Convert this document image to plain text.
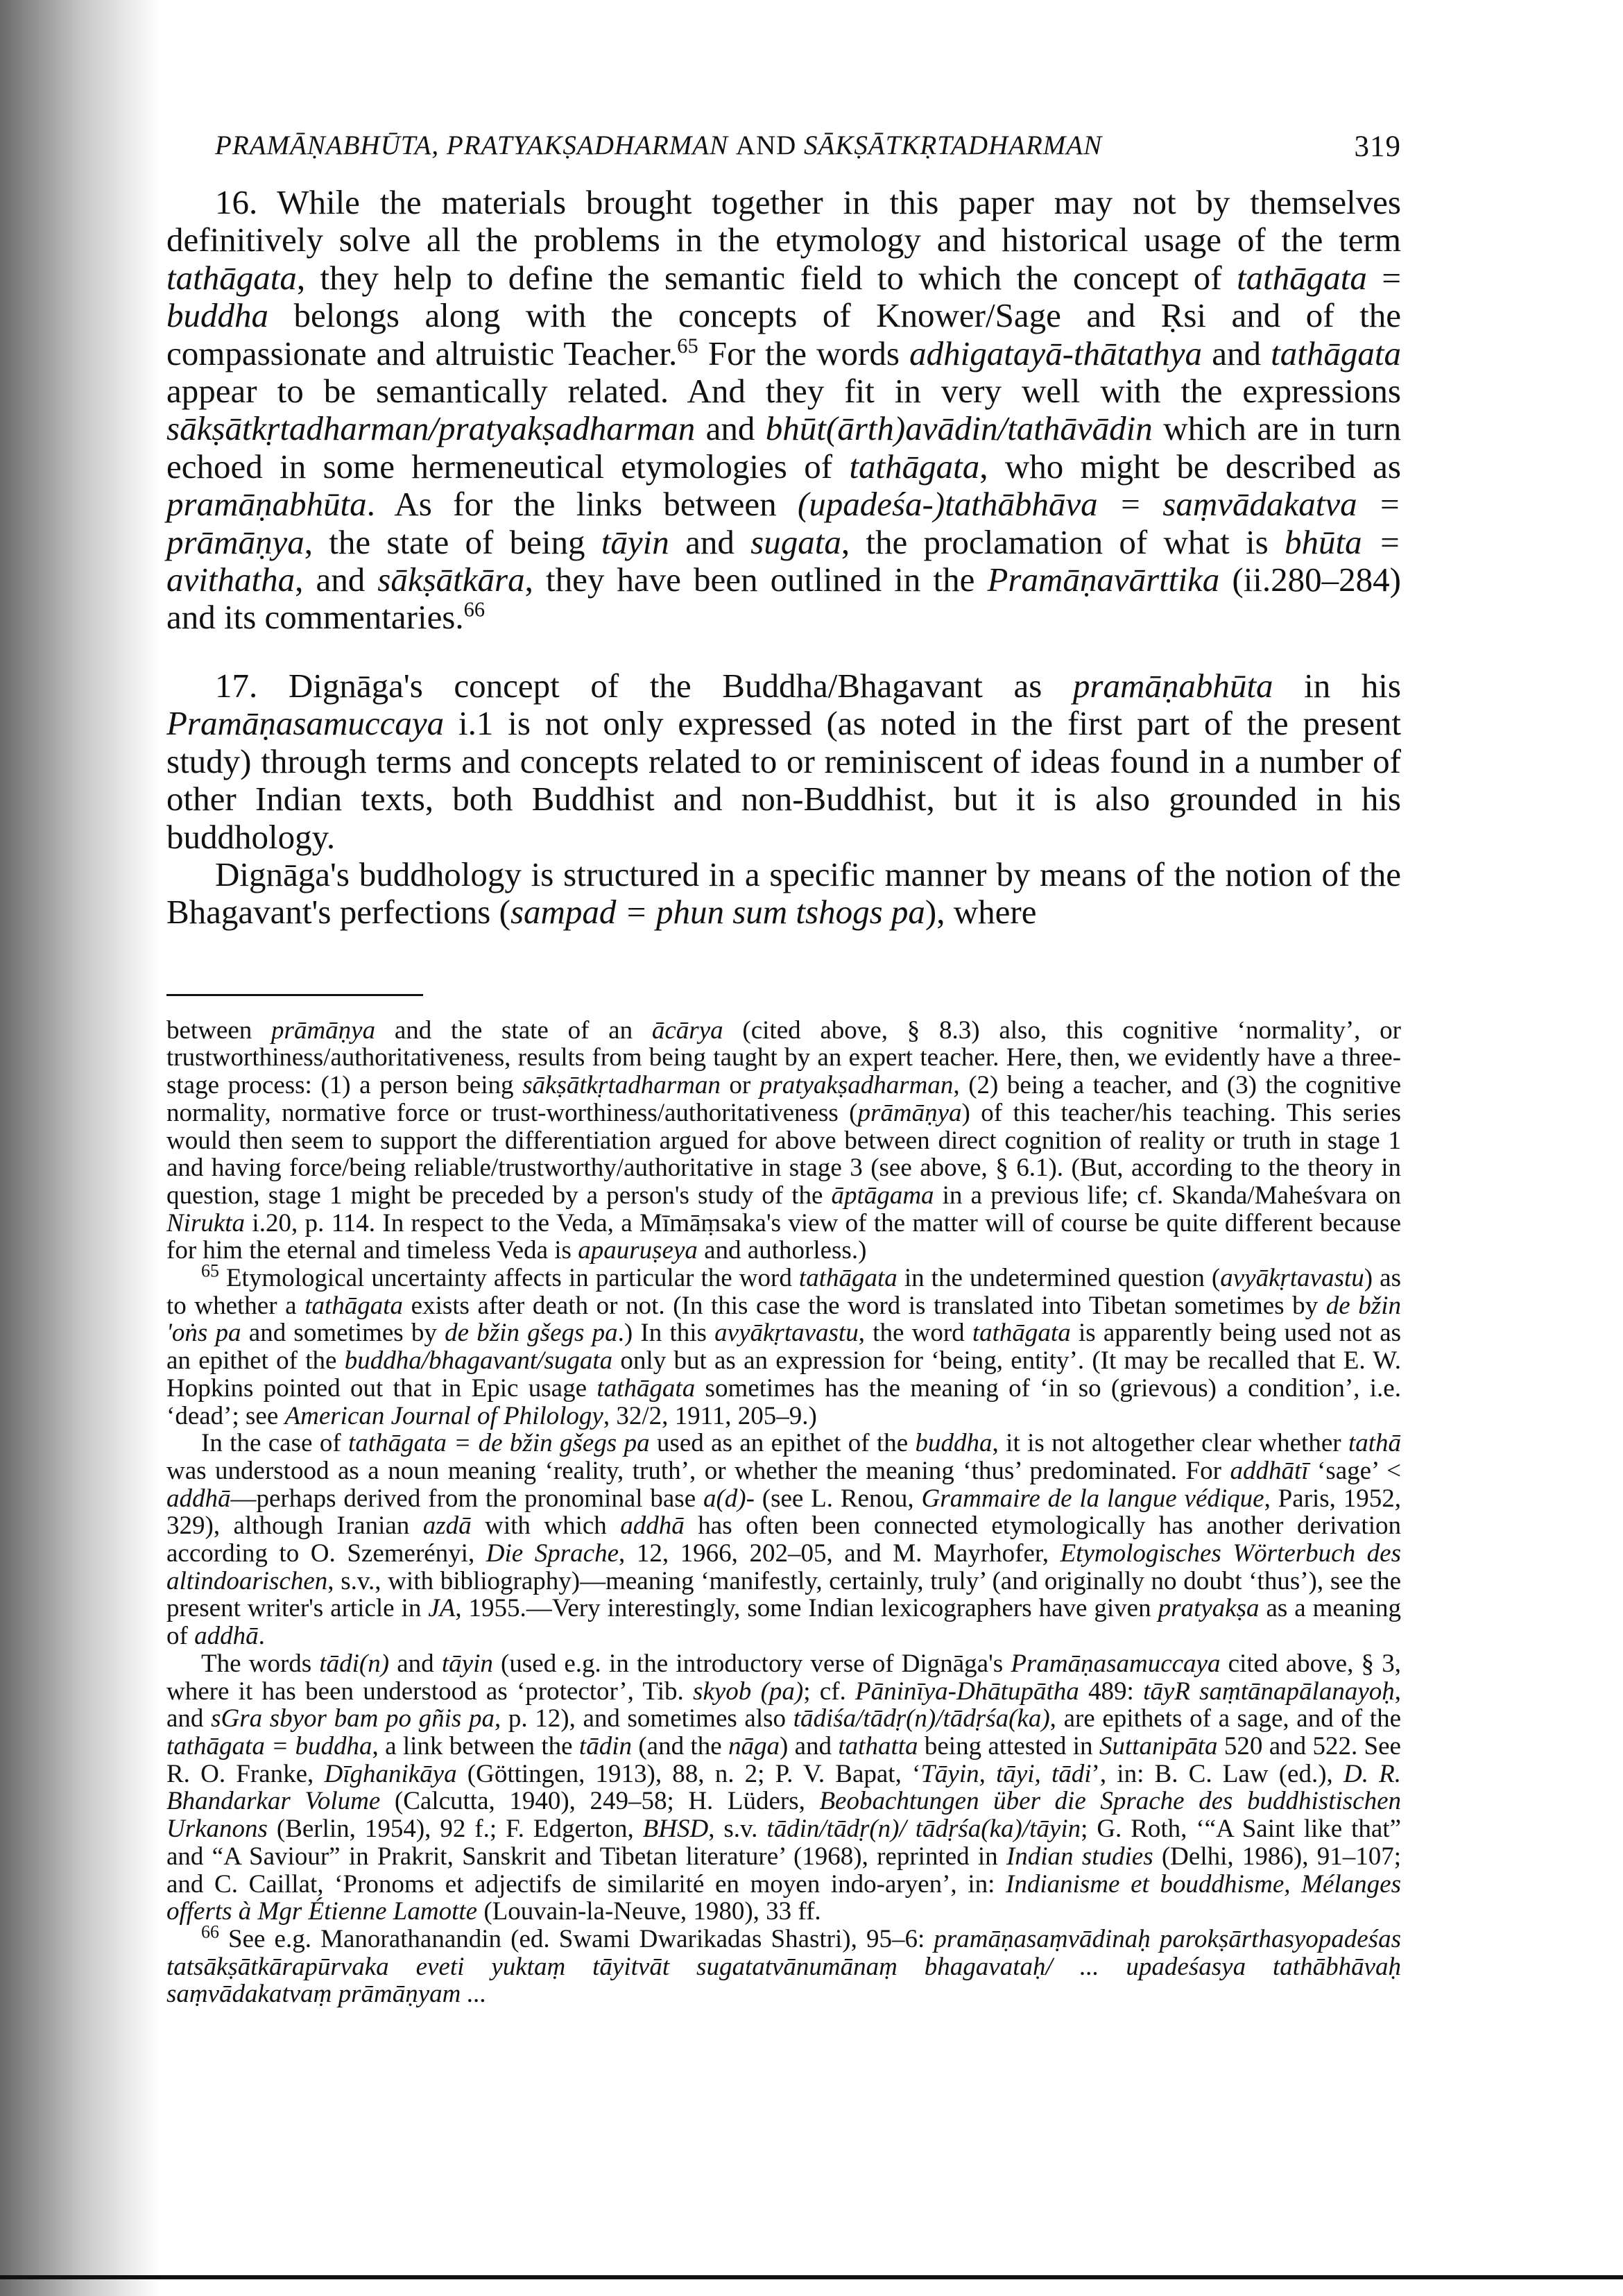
PRAMĀṆABHŪTA, PRATYAKṢADHARMAN AND SĀKṢĀTKṚTADHARMAN	319

16. While the materials brought together in this paper may not by themselves definitively solve all the problems in the etymology and historical usage of the term tathāgata, they help to define the semantic field to which the concept of tathāgata = buddha belongs along with the concepts of Knower/Sage and Ṛsi and of the compassionate and altruistic Teacher.$^{65}$ For the words adhigatayā-thātathya and tathāgata appear to be semantically related. And they fit in very well with the expressions sākṣātkṛtadharman/pratyakṣadharman and bhūt(ārth)avādin/tathāvādin which are in turn echoed in some hermeneutical etymologies of tathāgata, who might be described as pramāṇabhūta. As for the links between (upadeśa-)tathābhāva = saṃvādakatva = prāmāṇya, the state of being tāyin and sugata, the proclamation of what is bhūta = avithatha, and sākṣātkāra, they have been outlined in the Pramāṇavārttika (ii.280–284) and its commentaries.$^{66}$

17. Dignāga's concept of the Buddha/Bhagavant as pramāṇabhūta in his Pramāṇasamuccaya i.1 is not only expressed (as noted in the first part of the present study) through terms and concepts related to or reminiscent of ideas found in a number of other Indian texts, both Buddhist and non-Buddhist, but it is also grounded in his buddhology.

Dignāga's buddhology is structured in a specific manner by means of the notion of the Bhagavant's perfections (sampad = phun sum tshogs pa), where

between prāmāṇya and the state of an ācārya (cited above, § 8.3) also, this cognitive ‘normality’, or trustworthiness/authoritativeness, results from being taught by an expert teacher. Here, then, we evidently have a three-stage process: (1) a person being sākṣātkṛtadharman or pratyakṣadharman, (2) being a teacher, and (3) the cognitive normality, normative force or trust-worthiness/authoritativeness (prāmāṇya) of this teacher/his teaching. This series would then seem to support the differentiation argued for above between direct cognition of reality or truth in stage 1 and having force/being reliable/trustworthy/authoritative in stage 3 (see above, § 6.1). (But, according to the theory in question, stage 1 might be preceded by a person's study of the āptāgama in a previous life; cf. Skanda/Maheśvara on Nirukta i.20, p. 114. In respect to the Veda, a Mīmāṃsaka's view of the matter will of course be quite different because for him the eternal and timeless Veda is apauruṣeya and authorless.)

$^{65}$ Etymological uncertainty affects in particular the word tathāgata in the undetermined question (avyākṛtavastu) as to whether a tathāgata exists after death or not. (In this case the word is translated into Tibetan sometimes by de bžin 'oṅs pa and sometimes by de bžin gšegs pa.) In this avyākṛtavastu, the word tathāgata is apparently being used not as an epithet of the buddha/bhagavant/sugata only but as an expression for ‘being, entity’. (It may be recalled that E. W. Hopkins pointed out that in Epic usage tathāgata sometimes has the meaning of ‘in so (grievous) a condition’, i.e. ‘dead’; see American Journal of Philology, 32/2, 1911, 205–9.)

In the case of tathāgata = de bžin gšegs pa used as an epithet of the buddha, it is not altogether clear whether tathā was understood as a noun meaning ‘reality, truth’, or whether the meaning ‘thus’ predominated. For addhātī ‘sage’ < addhā—perhaps derived from the pronominal base a(d)- (see L. Renou, Grammaire de la langue védique, Paris, 1952, 329), although Iranian azdā with which addhā has often been connected etymologically has another derivation according to O. Szemerényi, Die Sprache, 12, 1966, 202–05, and M. Mayrhofer, Etymologisches Wörterbuch des altindoarischen, s.v., with bibliography)—meaning ‘manifestly, certainly, truly’ (and originally no doubt ‘thus’), see the present writer's article in JA, 1955.—Very interestingly, some Indian lexicographers have given pratyakṣa as a meaning of addhā.

The words tādi(n) and tāyin (used e.g. in the introductory verse of Dignāga's Pramāṇasamuccaya cited above, § 3, where it has been understood as ‘protector’, Tib. skyob (pa); cf. Pāninīya-Dhātupātha 489: tāyR saṃtānapālanayoḥ, and sGra sbyor bam po gñis pa, p. 12), and sometimes also tādiśa/tādṛ(n)/tādṛśa(ka), are epithets of a sage, and of the tathāgata = buddha, a link between the tādin (and the nāga) and tathatta being attested in Suttanipāta 520 and 522. See R. O. Franke, Dīghanikāya (Göttingen, 1913), 88, n. 2; P. V. Bapat, ‘Tāyin, tāyi, tādi’, in: B. C. Law (ed.), D. R. Bhandarkar Volume (Calcutta, 1940), 249–58; H. Lüders, Beobachtungen über die Sprache des buddhistischen Urkanons (Berlin, 1954), 92 f.; F. Edgerton, BHSD, s.v. tādin/tādṛ(n)/ tādṛśa(ka)/tāyin; G. Roth, ‘“A Saint like that” and “A Saviour” in Prakrit, Sanskrit and Tibetan literature’ (1968), reprinted in Indian studies (Delhi, 1986), 91–107; and C. Caillat, ‘Pronoms et adjectifs de similarité en moyen indo-aryen’, in: Indianisme et bouddhisme, Mélanges offerts à Mgr Étienne Lamotte (Louvain-la-Neuve, 1980), 33 ff.

$^{66}$ See e.g. Manorathanandin (ed. Swami Dwarikadas Shastri), 95–6: pramāṇasaṃvādinaḥ parokṣārthasyopadeśas tatsākṣātkārapūrvaka eveti yuktaṃ tāyitvāt sugatatvānumānaṃ bhagavataḥ/ ... upadeśasya tathābhāvaḥ saṃvādakatvaṃ prāmāṇyam ...
